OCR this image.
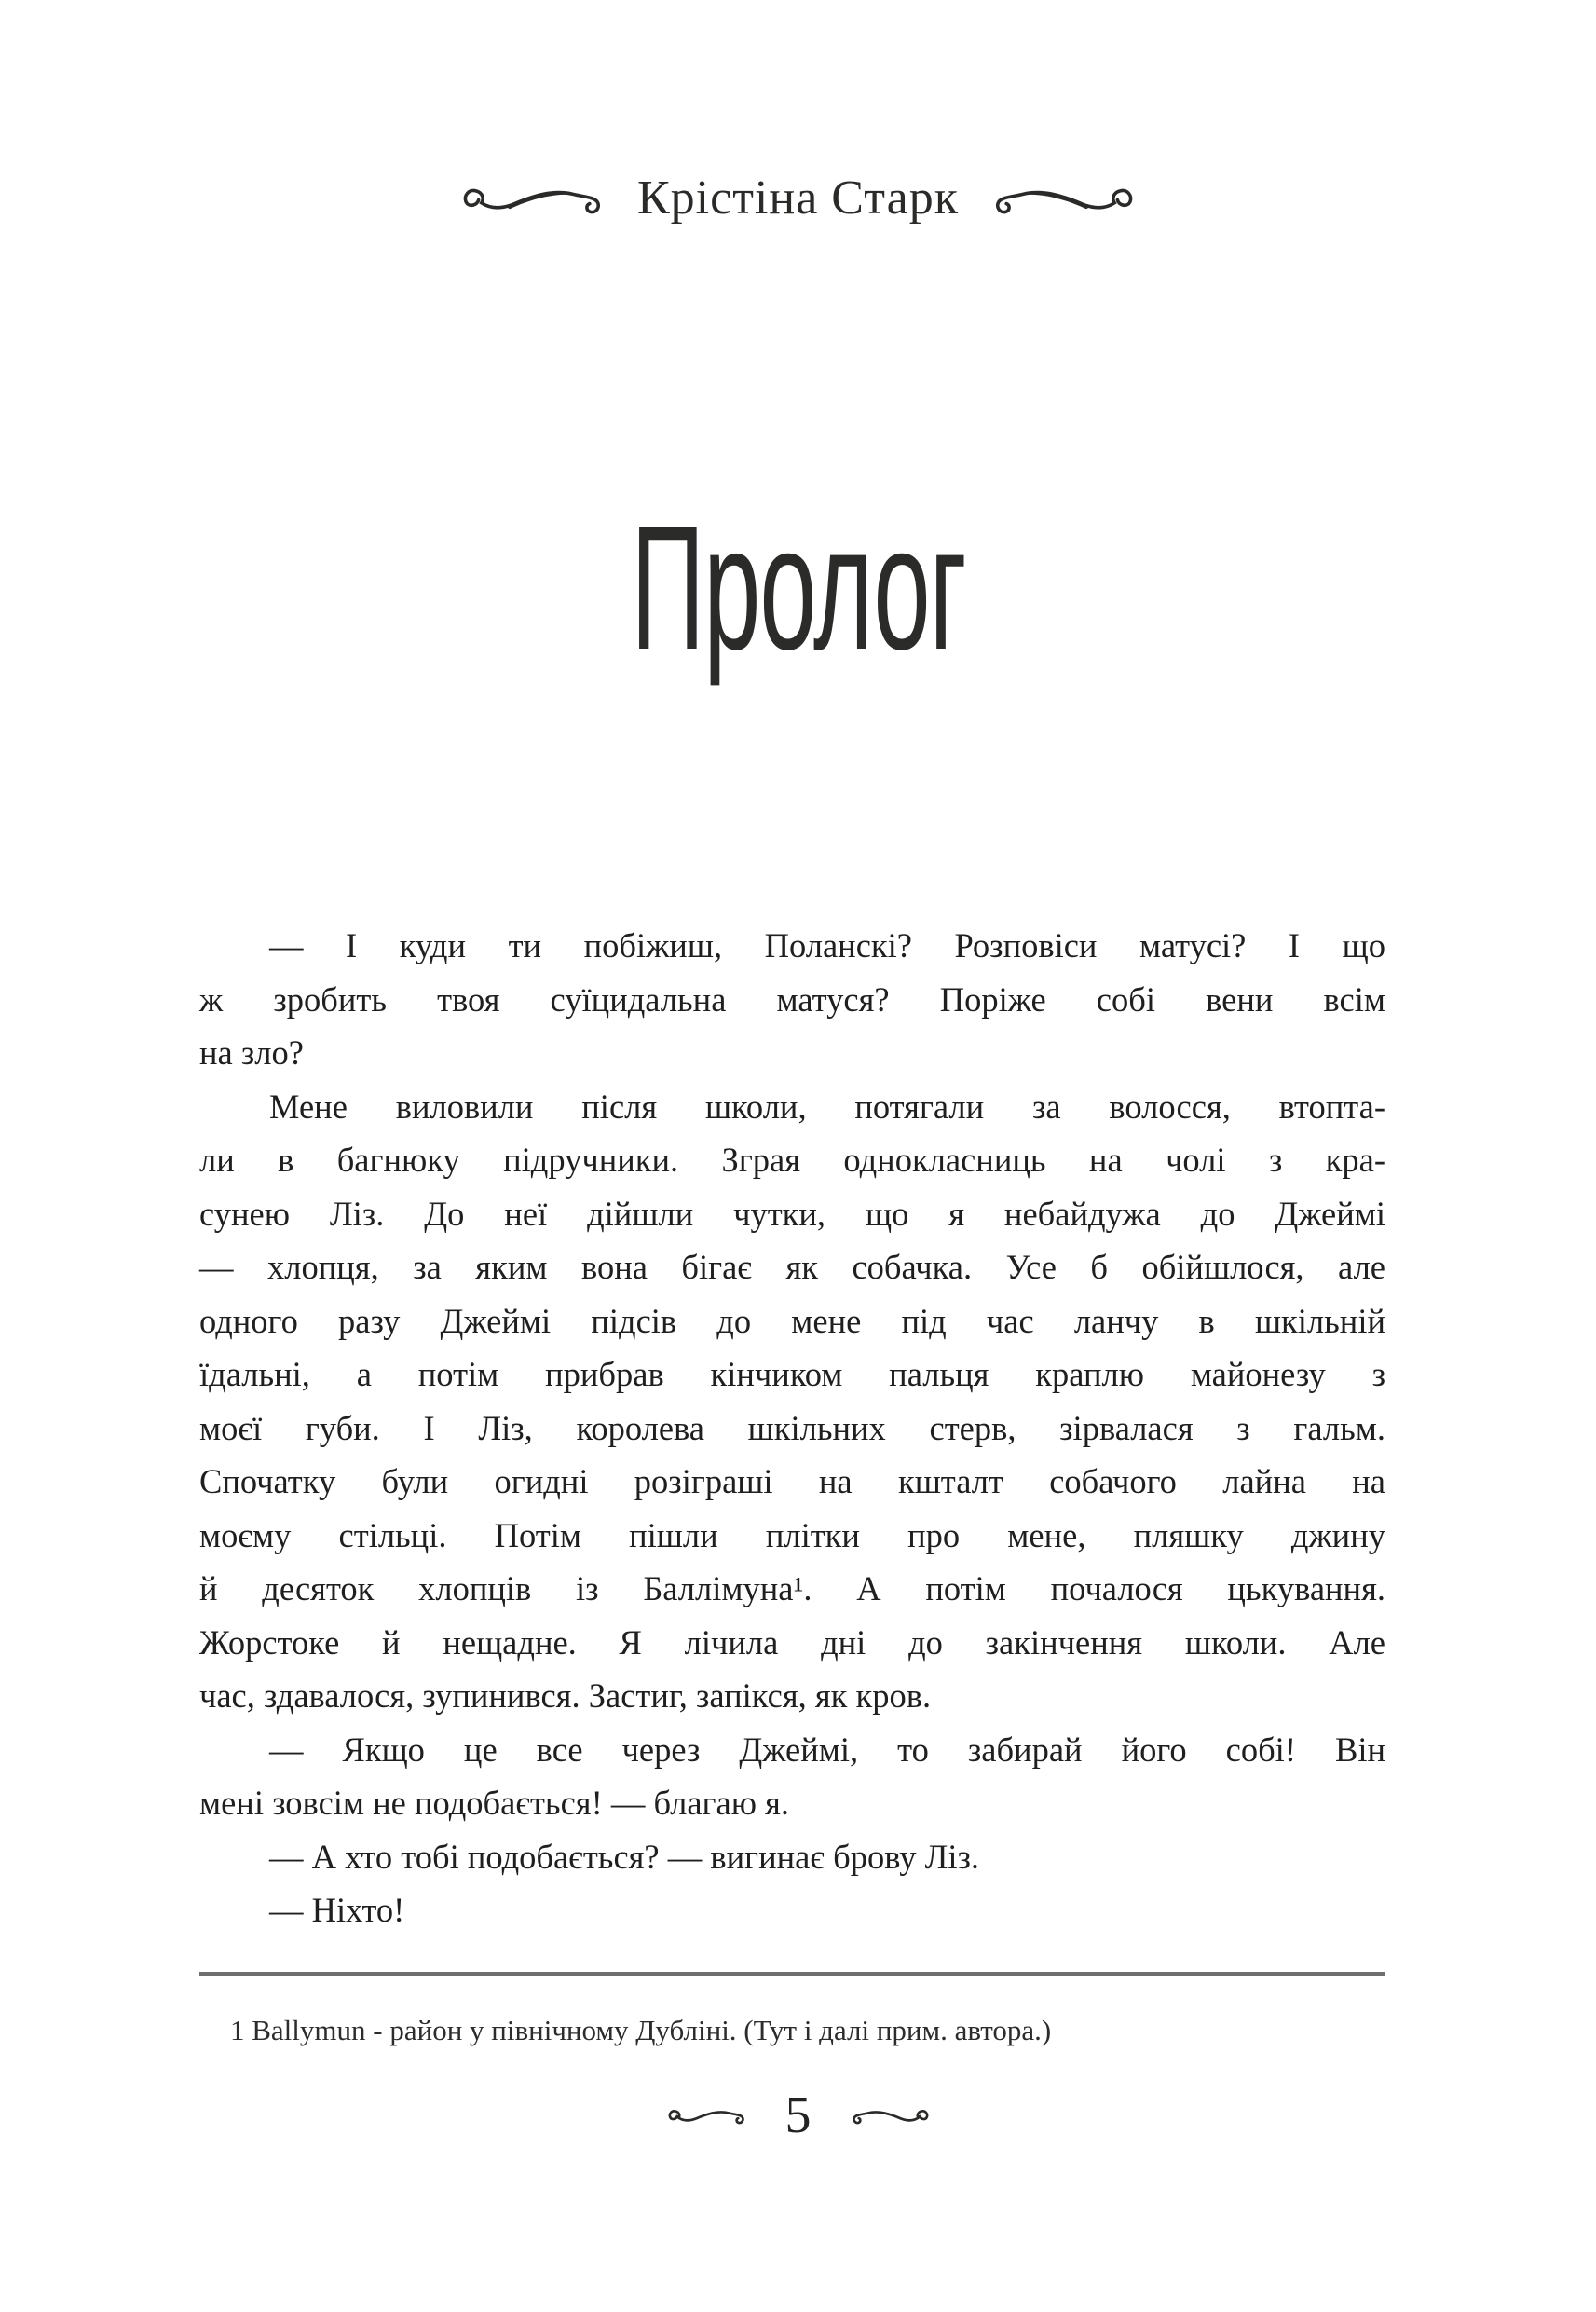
Крістіна Старк
Пролог
— І куди ти побіжиш, Поланскі? Розповіси матусі? І що
ж зробить твоя суїцидальна матуся? Поріже собі вени всім
на зло?
Мене виловили після школи, потягали за волосся, втопта-
ли в багнюку підручники. Зграя однокласниць на чолі з кра-
сунею Ліз. До неї дійшли чутки, що я небайдужа до Джеймі
— хлопця, за яким вона бігає як собачка. Усе б обійшлося, але
одного разу Джеймі підсів до мене під час ланчу в шкільній
їдальні, а потім прибрав кінчиком пальця краплю майонезу з
моєї губи. І Ліз, королева шкільних стерв, зірвалася з гальм.
Спочатку були огидні розіграші на кшталт собачого лайна на
моєму стільці. Потім пішли плітки про мене, пляшку джину
й десяток хлопців із Баллімуна¹. А потім почалося цькування.
Жорстоке й нещадне. Я лічила дні до закінчення школи. Але
час, здавалося, зупинився. Застиг, запікся, як кров.
— Якщо це все через Джеймі, то забирай його собі! Він
мені зовсім не подобається! — благаю я.
— А хто тобі подобається? — вигинає брову Ліз.
— Ніхто!
1 Ballymun - район у північному Дубліні. (Тут і далі прим. автора.)
5
